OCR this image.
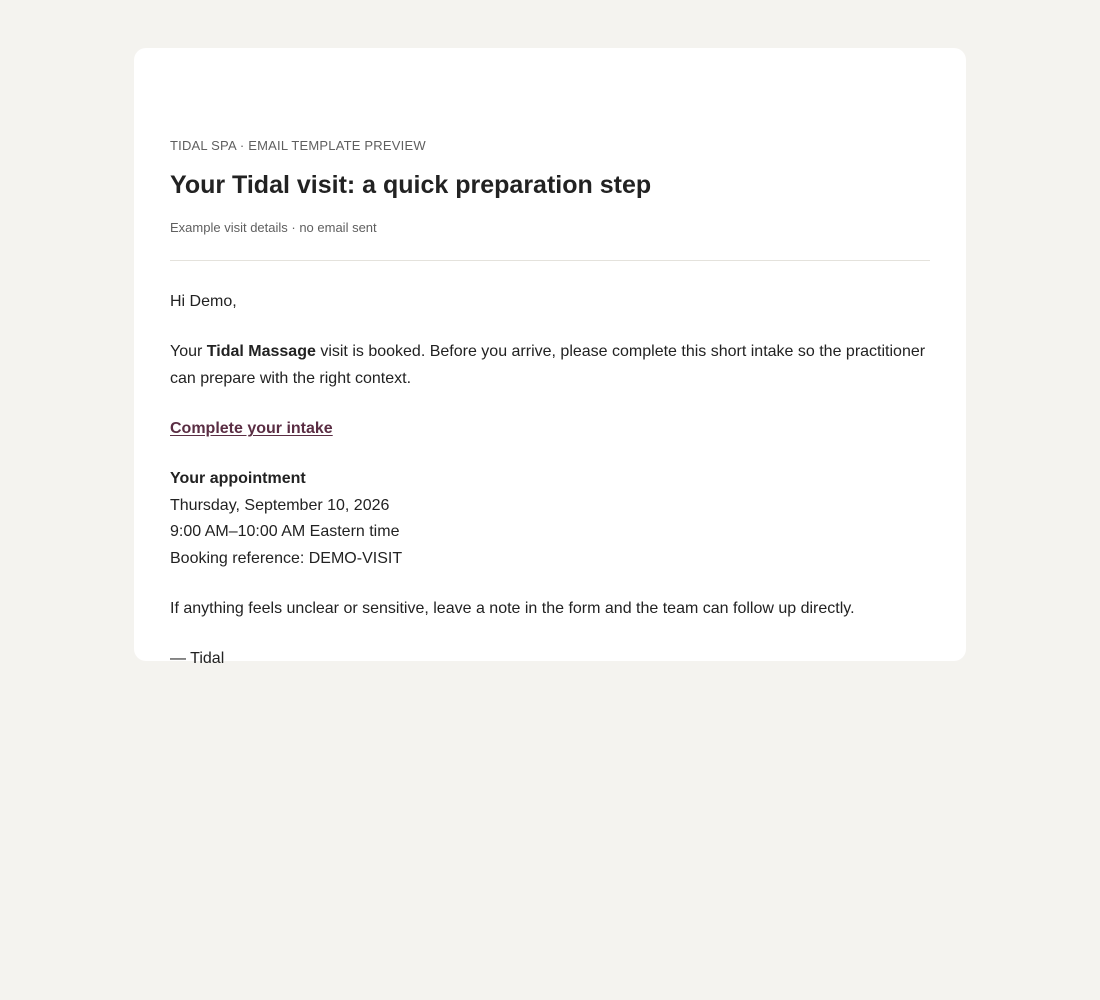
TIDAL SPA · EMAIL TEMPLATE PREVIEW

Your Tidal visit: a quick preparation step

Example visit details · no email sent

Hi Demo,

Your Tidal Massage visit is booked. Before you arrive, please complete this short intake so the practitioner can prepare with the right context.

Complete your intake
Your appointment
Thursday, September 10, 2026
9:00 AM–10:00 AM Eastern time
Booking reference: DEMO-VISIT

If anything feels unclear or sensitive, leave a note in the form and the team can follow up directly.

— Tidal
